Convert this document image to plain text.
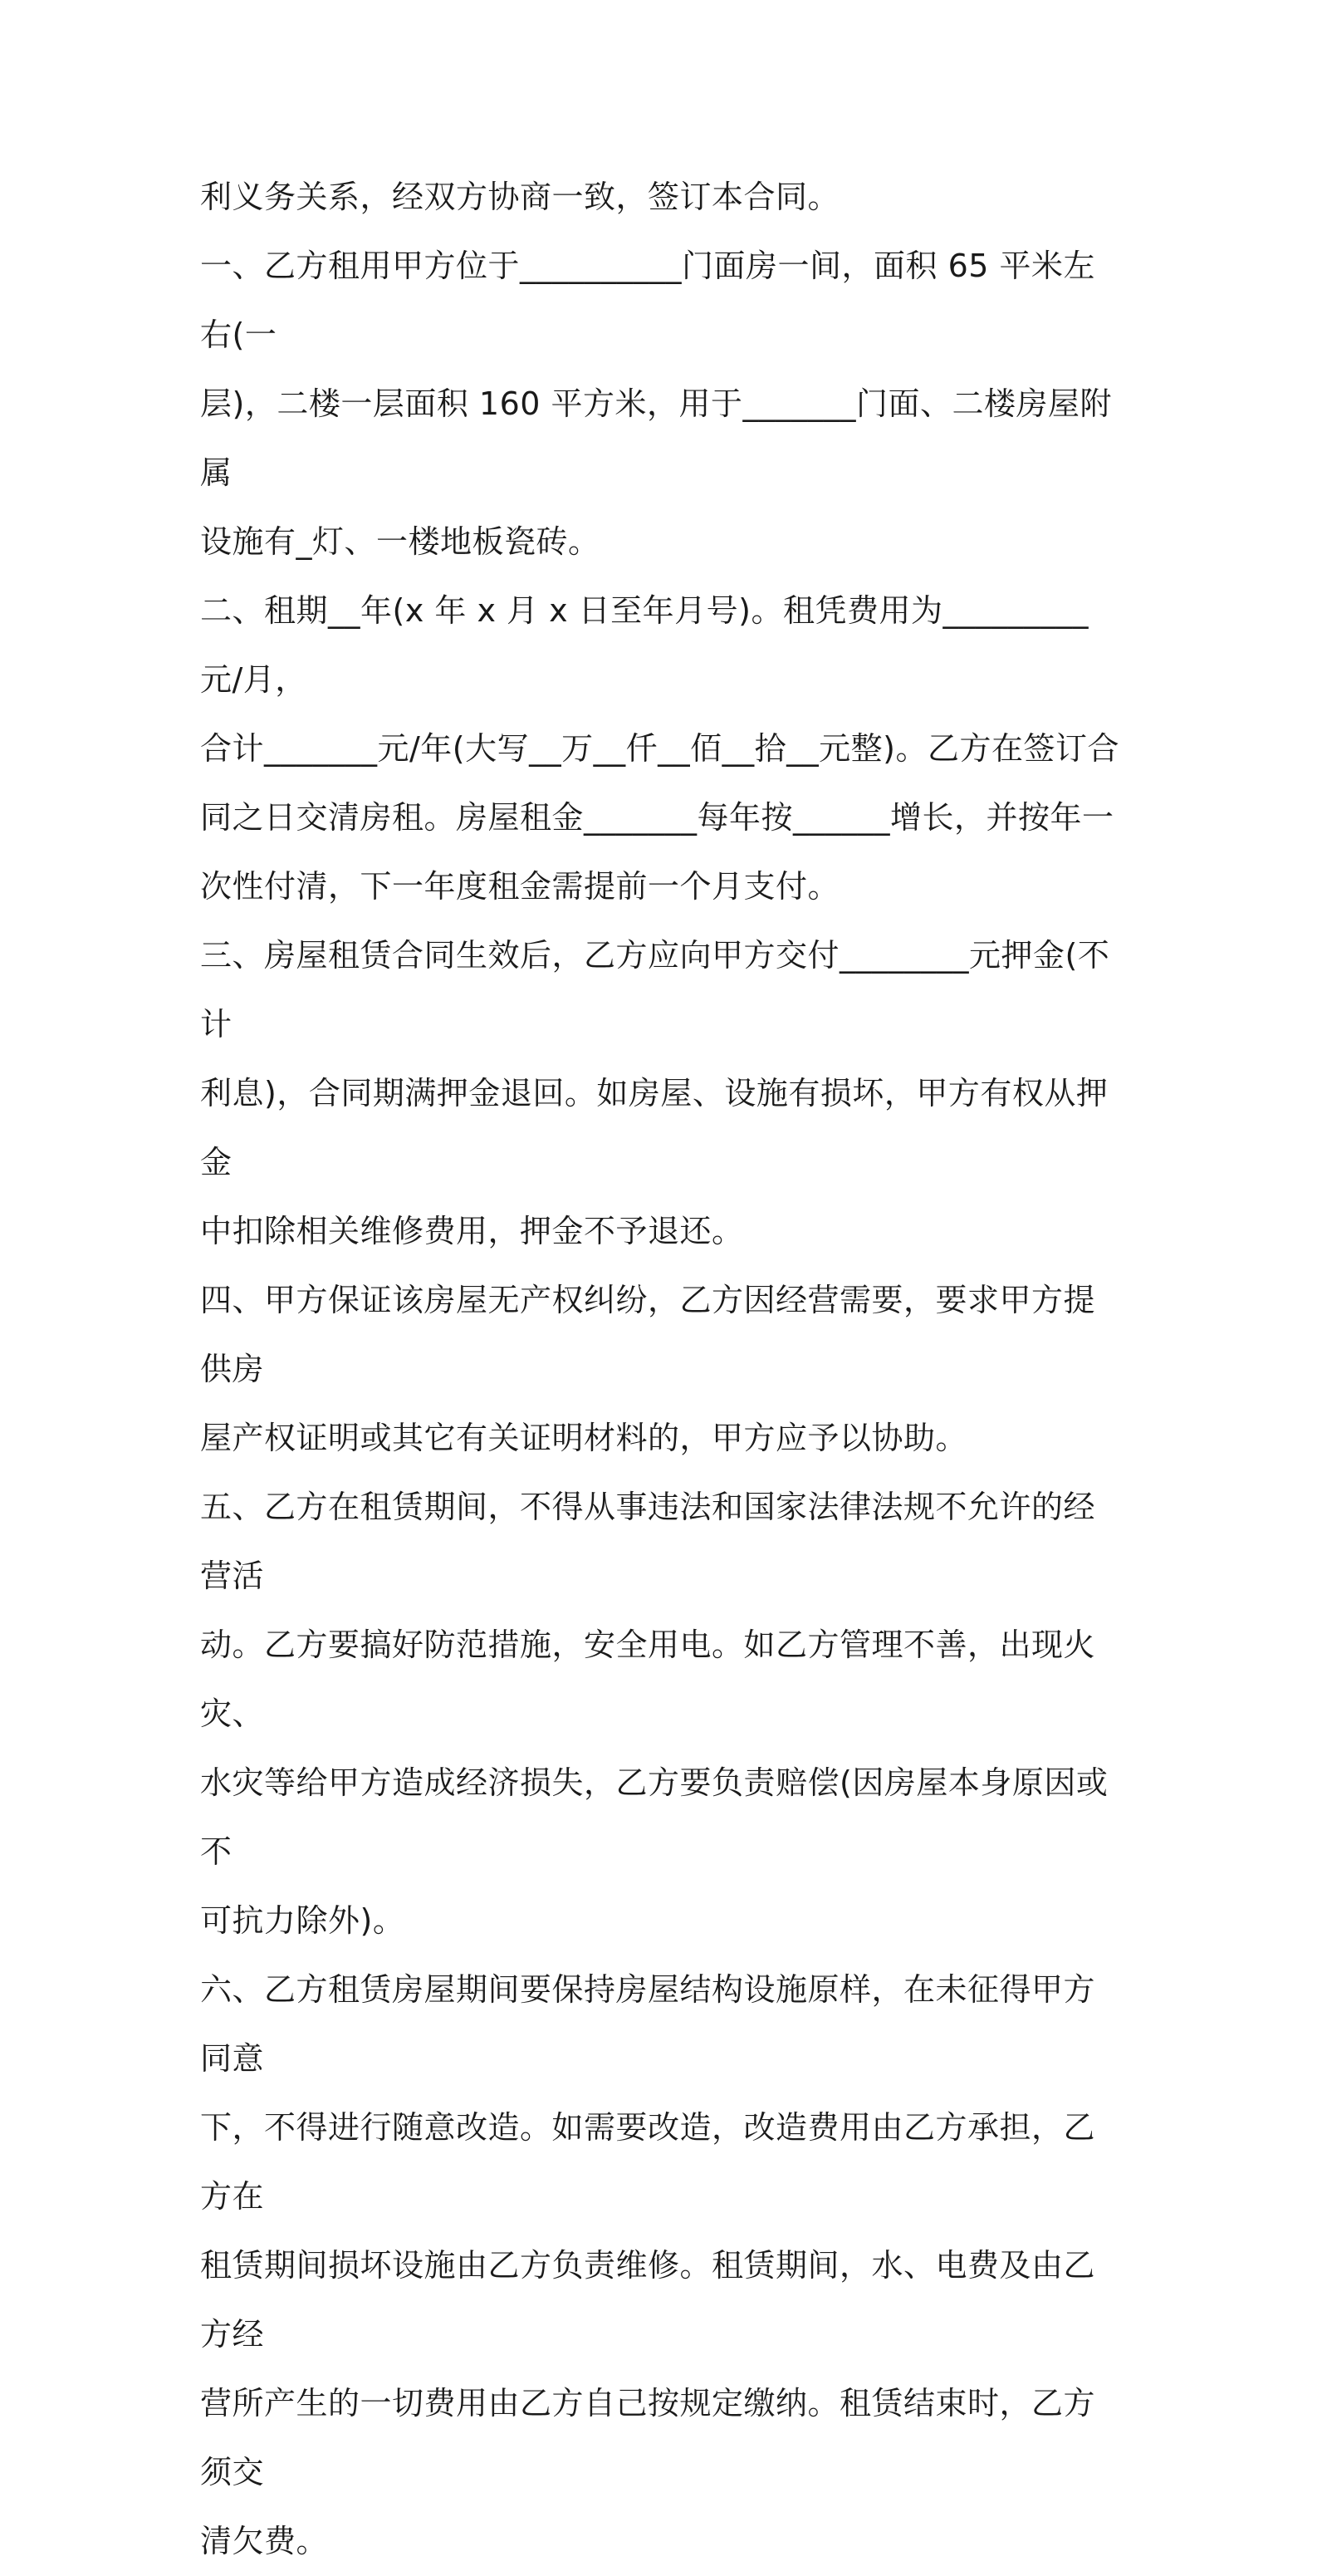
利义务关系，经双方协商一致，签订本合同。

一、乙方租用甲方位于__________门面房一间，面积 65 平米左右(一
层)，二楼一层面积 160 平方米，用于_______门面、二楼房屋附属
设施有_灯、一楼地板瓷砖。

二、租期__年(x 年 x 月 x 日至年月号)。租凭费用为_________元/月，
合计_______元/年(大写__万__仟__佰__拾__元整)。乙方在签订合
同之日交清房租。房屋租金_______每年按______增长，并按年一
次性付清，下一年度租金需提前一个月支付。

三、房屋租赁合同生效后，乙方应向甲方交付________元押金(不计
利息)，合同期满押金退回。如房屋、设施有损坏，甲方有权从押金
中扣除相关维修费用，押金不予退还。

四、甲方保证该房屋无产权纠纷，乙方因经营需要，要求甲方提供房
屋产权证明或其它有关证明材料的，甲方应予以协助。

五、乙方在租赁期间，不得从事违法和国家法律法规不允许的经营活
动。乙方要搞好防范措施，安全用电。如乙方管理不善，出现火灾、
水灾等给甲方造成经济损失，乙方要负责赔偿(因房屋本身原因或不
可抗力除外)。

六、乙方租赁房屋期间要保持房屋结构设施原样，在未征得甲方同意
下，不得进行随意改造。如需要改造，改造费用由乙方承担，乙方在
租赁期间损坏设施由乙方负责维修。租赁期间，水、电费及由乙方经
营所产生的一切费用由乙方自己按规定缴纳。租赁结束时，乙方须交
清欠费。
